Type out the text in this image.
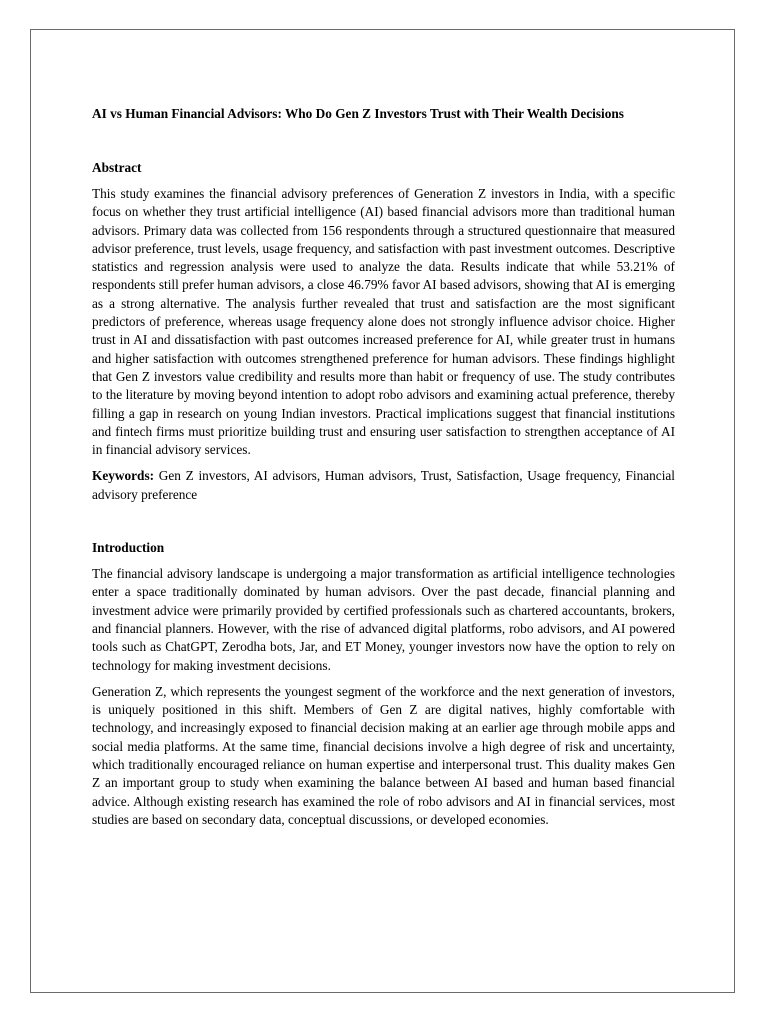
AI vs Human Financial Advisors: Who Do Gen Z Investors Trust with Their Wealth Decisions

Abstract

This study examines the financial advisory preferences of Generation Z investors in India, with a specific focus on whether they trust artificial intelligence (AI) based financial advisors more than traditional human advisors. Primary data was collected from 156 respondents through a structured questionnaire that measured advisor preference, trust levels, usage frequency, and satisfaction with past investment outcomes. Descriptive statistics and regression analysis were used to analyze the data. Results indicate that while 53.21% of respondents still prefer human advisors, a close 46.79% favor AI based advisors, showing that AI is emerging as a strong alternative. The analysis further revealed that trust and satisfaction are the most significant predictors of preference, whereas usage frequency alone does not strongly influence advisor choice. Higher trust in AI and dissatisfaction with past outcomes increased preference for AI, while greater trust in humans and higher satisfaction with outcomes strengthened preference for human advisors. These findings highlight that Gen Z investors value credibility and results more than habit or frequency of use. The study contributes to the literature by moving beyond intention to adopt robo advisors and examining actual preference, thereby filling a gap in research on young Indian investors. Practical implications suggest that financial institutions and fintech firms must prioritize building trust and ensuring user satisfaction to strengthen acceptance of AI in financial advisory services.

Keywords: Gen Z investors, AI advisors, Human advisors, Trust, Satisfaction, Usage frequency, Financial advisory preference

Introduction

The financial advisory landscape is undergoing a major transformation as artificial intelligence technologies enter a space traditionally dominated by human advisors. Over the past decade, financial planning and investment advice were primarily provided by certified professionals such as chartered accountants, brokers, and financial planners. However, with the rise of advanced digital platforms, robo advisors, and AI powered tools such as ChatGPT, Zerodha bots, Jar, and ET Money, younger investors now have the option to rely on technology for making investment decisions.

Generation Z, which represents the youngest segment of the workforce and the next generation of investors, is uniquely positioned in this shift. Members of Gen Z are digital natives, highly comfortable with technology, and increasingly exposed to financial decision making at an earlier age through mobile apps and social media platforms. At the same time, financial decisions involve a high degree of risk and uncertainty, which traditionally encouraged reliance on human expertise and interpersonal trust. This duality makes Gen Z an important group to study when examining the balance between AI based and human based financial advice. Although existing research has examined the role of robo advisors and AI in financial services, most studies are based on secondary data, conceptual discussions, or developed economies.
